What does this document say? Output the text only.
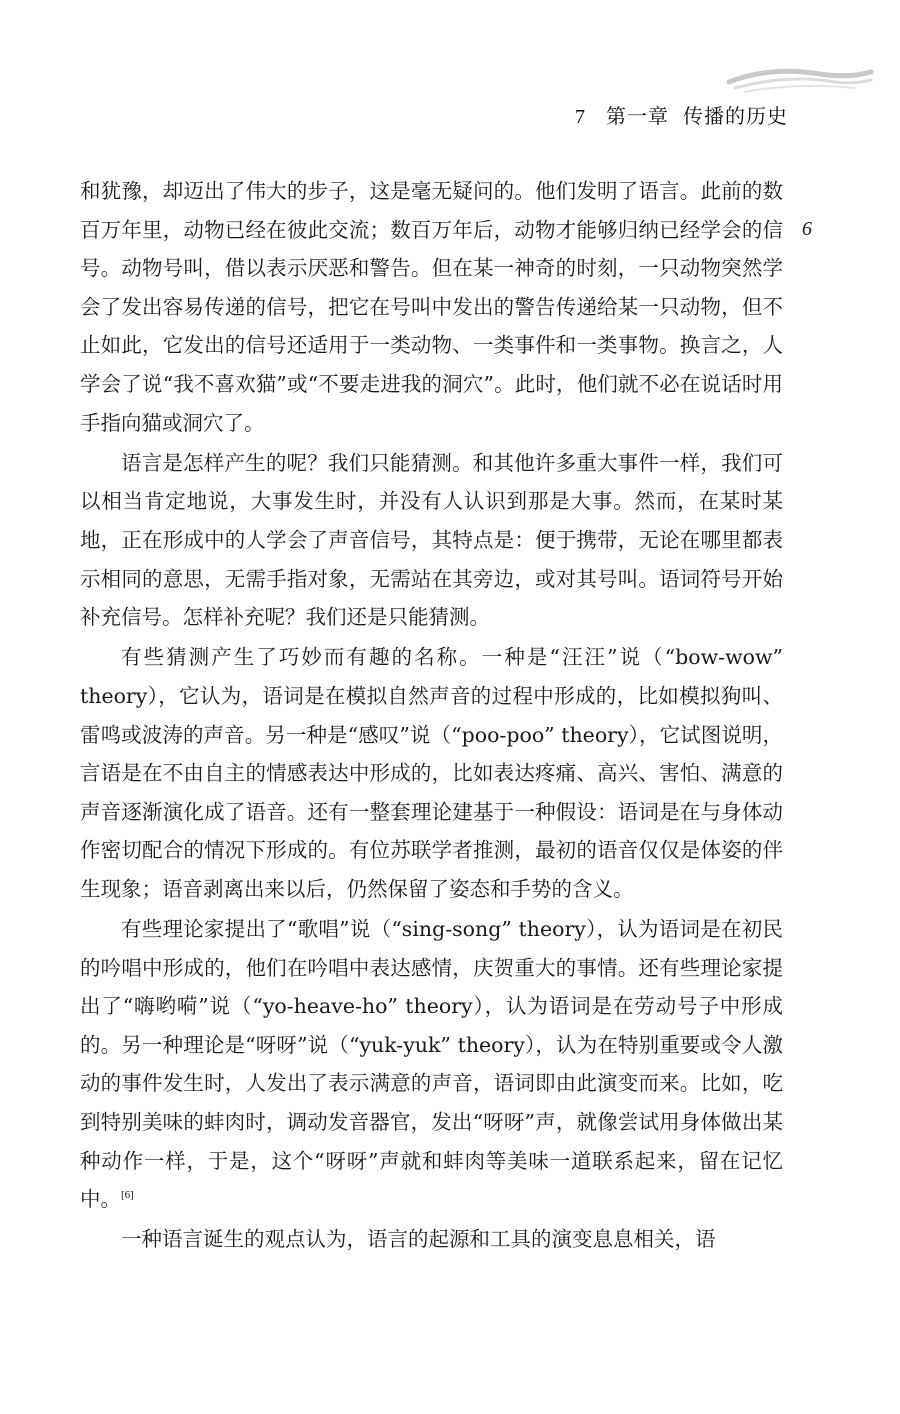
7 第一章 传播的历史
6

和犹豫，却迈出了伟大的步子，这是毫无疑问的。他们发明了语言。此前的数百万年里，动物已经在彼此交流；数百万年后，动物才能够归纳已经学会的信号。动物号叫，借以表示厌恶和警告。但在某一神奇的时刻，一只动物突然学会了发出容易传递的信号，把它在号叫中发出的警告传递给某一只动物，但不止如此，它发出的信号还适用于一类动物、一类事件和一类事物。换言之，人学会了说“我不喜欢猫”或“不要走进我的洞穴”。此时，他们就不必在说话时用手指向猫或洞穴了。

语言是怎样产生的呢？我们只能猜测。和其他许多重大事件一样，我们可以相当肯定地说，大事发生时，并没有人认识到那是大事。然而，在某时某地，正在形成中的人学会了声音信号，其特点是：便于携带，无论在哪里都表示相同的意思，无需手指对象，无需站在其旁边，或对其号叫。语词符号开始补充信号。怎样补充呢？我们还是只能猜测。

有些猜测产生了巧妙而有趣的名称。一种是“汪汪”说（“bow-wow” theory），它认为，语词是在模拟自然声音的过程中形成的，比如模拟狗叫、雷鸣或波涛的声音。另一种是“感叹”说（“poo-poo” theory），它试图说明，言语是在不由自主的情感表达中形成的，比如表达疼痛、高兴、害怕、满意的声音逐渐演化成了语音。还有一整套理论建基于一种假设：语词是在与身体动作密切配合的情况下形成的。有位苏联学者推测，最初的语音仅仅是体姿的伴生现象；语音剥离出来以后，仍然保留了姿态和手势的含义。

有些理论家提出了“歌唱”说（“sing-song” theory），认为语词是在初民的吟唱中形成的，他们在吟唱中表达感情，庆贺重大的事情。还有些理论家提出了“嗨哟嗬”说（“yo-heave-ho” theory），认为语词是在劳动号子中形成的。另一种理论是“呀呀”说（“yuk-yuk” theory），认为在特别重要或令人激动的事件发生时，人发出了表示满意的声音，语词即由此演变而来。比如，吃到特别美味的蚌肉时，调动发音器官，发出“呀呀”声，就像尝试用身体做出某种动作一样，于是，这个“呀呀”声就和蚌肉等美味一道联系起来，留在记忆中。[6]

一种语言诞生的观点认为，语言的起源和工具的演变息息相关，语
